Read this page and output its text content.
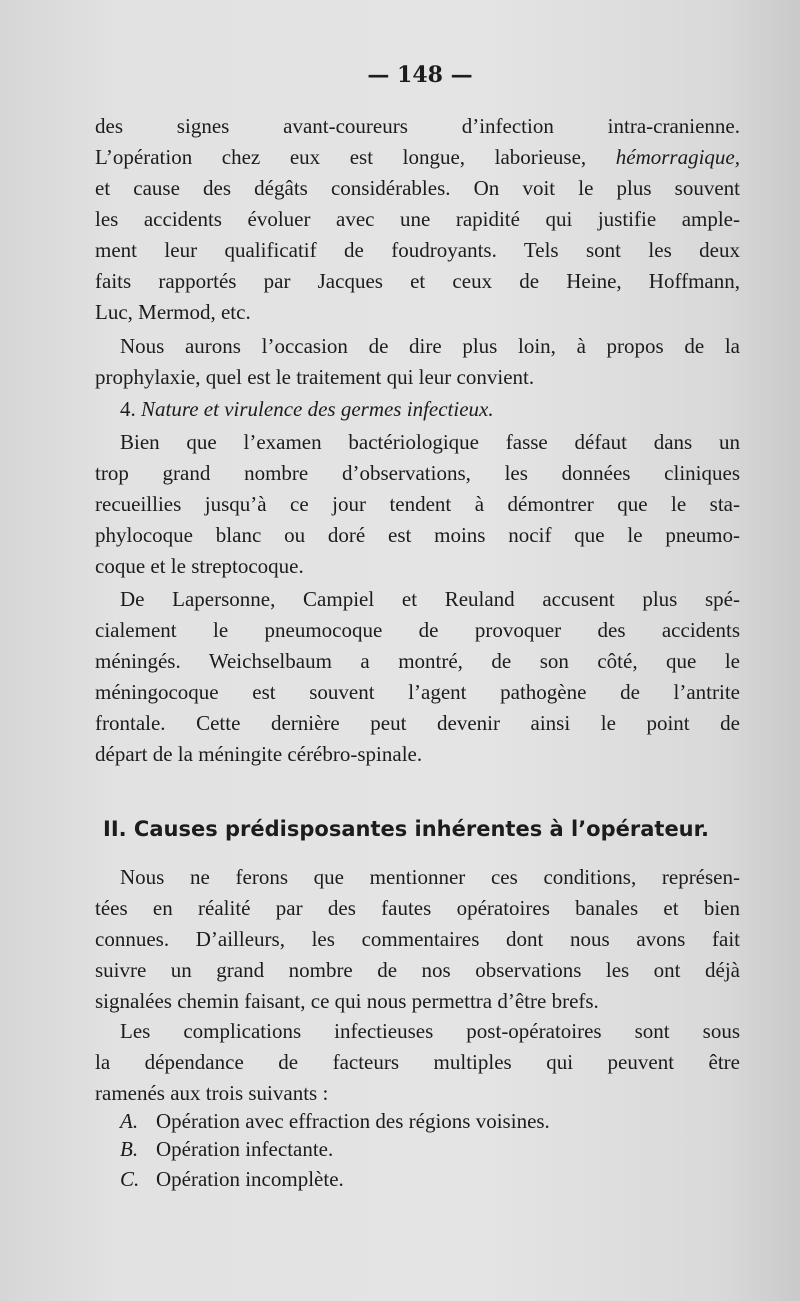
— 148 —
des signes avant-coureurs d’infection intra-cranienne.
L’opération chez eux est longue, laborieuse, hémorragique,
et cause des dégâts considérables. On voit le plus souvent
les accidents évoluer avec une rapidité qui justifie ample-
ment leur qualificatif de foudroyants. Tels sont les deux
faits rapportés par Jacques et ceux de Heine, Hoffmann,
Luc, Mermod, etc.
Nous aurons l’occasion de dire plus loin, à propos de la
prophylaxie, quel est le traitement qui leur convient.
4. Nature et virulence des germes infectieux.
Bien que l’examen bactériologique fasse défaut dans un
trop grand nombre d’observations, les données cliniques
recueillies jusqu’à ce jour tendent à démontrer que le sta-
phylocoque blanc ou doré est moins nocif que le pneumo-
coque et le streptocoque.
De Lapersonne, Campiel et Reuland accusent plus spé-
cialement le pneumocoque de provoquer des accidents
méningés. Weichselbaum a montré, de son côté, que le
méningocoque est souvent l’agent pathogène de l’antrite
frontale. Cette dernière peut devenir ainsi le point de
départ de la méningite cérébro-spinale.
II. Causes prédisposantes inhérentes à l’opérateur.
Nous ne ferons que mentionner ces conditions, représen-
tées en réalité par des fautes opératoires banales et bien
connues. D’ailleurs, les commentaires dont nous avons fait
suivre un grand nombre de nos observations les ont déjà
signalées chemin faisant, ce qui nous permettra d’être brefs.
Les complications infectieuses post-opératoires sont sous
la dépendance de facteurs multiples qui peuvent être
ramenés aux trois suivants :
A. Opération avec effraction des régions voisines.
B. Opération infectante.
C. Opération incomplète.
